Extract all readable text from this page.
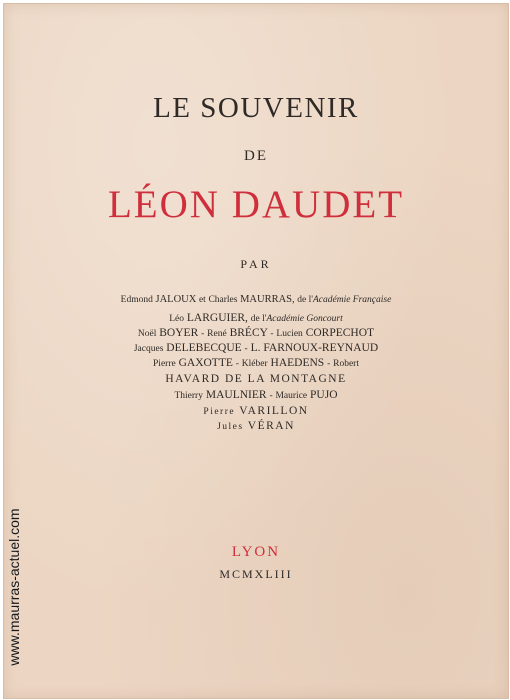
LE SOUVENIR
DE
LÉON DAUDET
PAR
Edmond JALOUX et Charles MAURRAS, de l'Académie Française
Léo LARGUIER, de l'Académie Goncourt
Noël BOYER - René BRÉCY - Lucien CORPECHOT
Jacques DELEBECQUE - L. FARNOUX-REYNAUD
Pierre GAXOTTE - Kléber HAEDENS - Robert
HAVARD DE LA MONTAGNE
Thierry MAULNIER - Maurice PUJO
Pierre VARILLON
Jules VÉRAN
LYON
MCMXLIII
www.maurras-actuel.com
